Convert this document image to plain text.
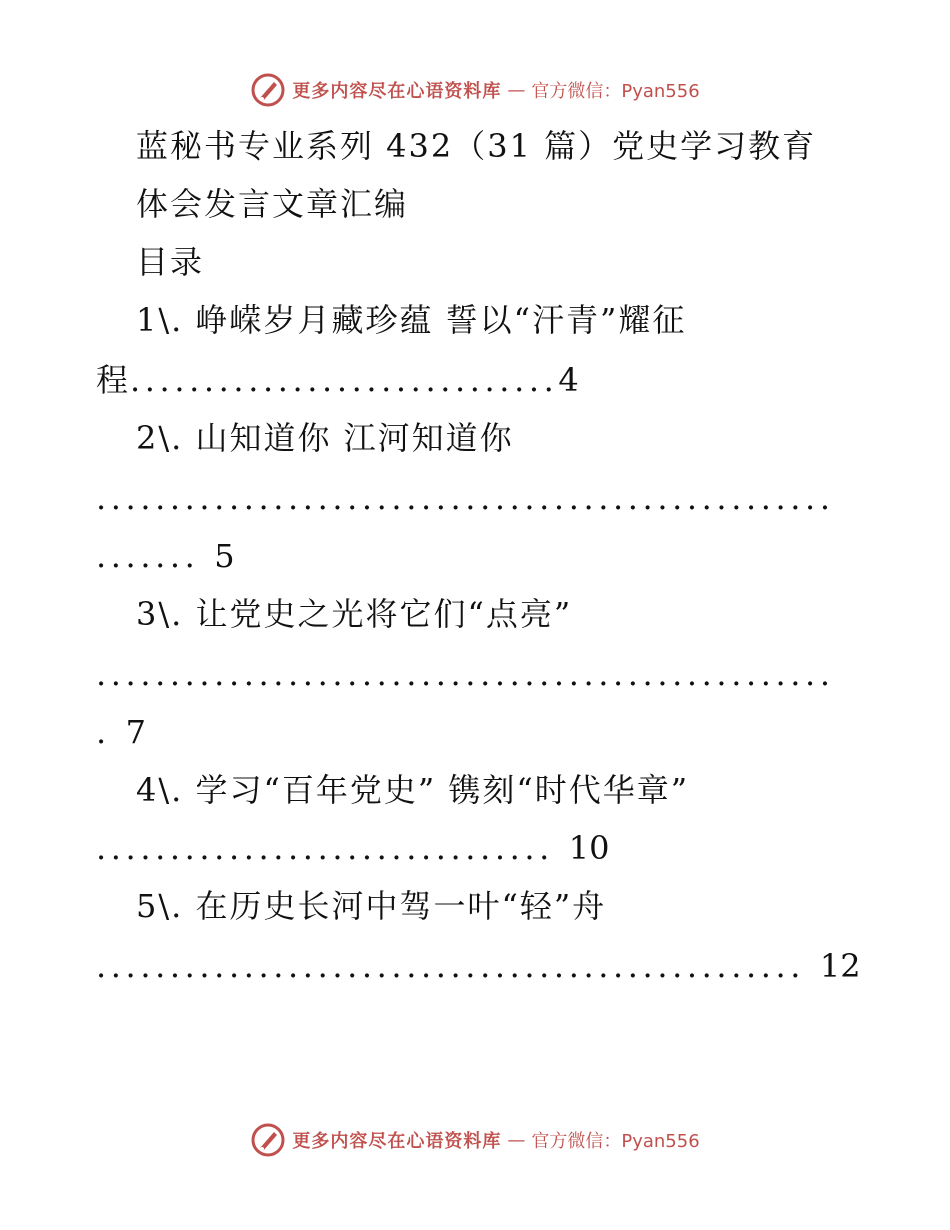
更多内容尽在心语资料库 — 官方微信：Pyan556
蓝秘书专业系列 432（31 篇）党史学习教育
体会发言文章汇编
目录
1\. 峥嵘岁月藏珍蕴 誓以“汗青”耀征
程.............................4
2\. 山知道你 江河知道你
..................................................
....... 5
3\. 让党史之光将它们“点亮”
..................................................
. 7
4\. 学习“百年党史” 镌刻“时代华章”
............................... 10
5\. 在历史长河中驾一叶“轻”舟
................................................ 12
更多内容尽在心语资料库 — 官方微信：Pyan556
